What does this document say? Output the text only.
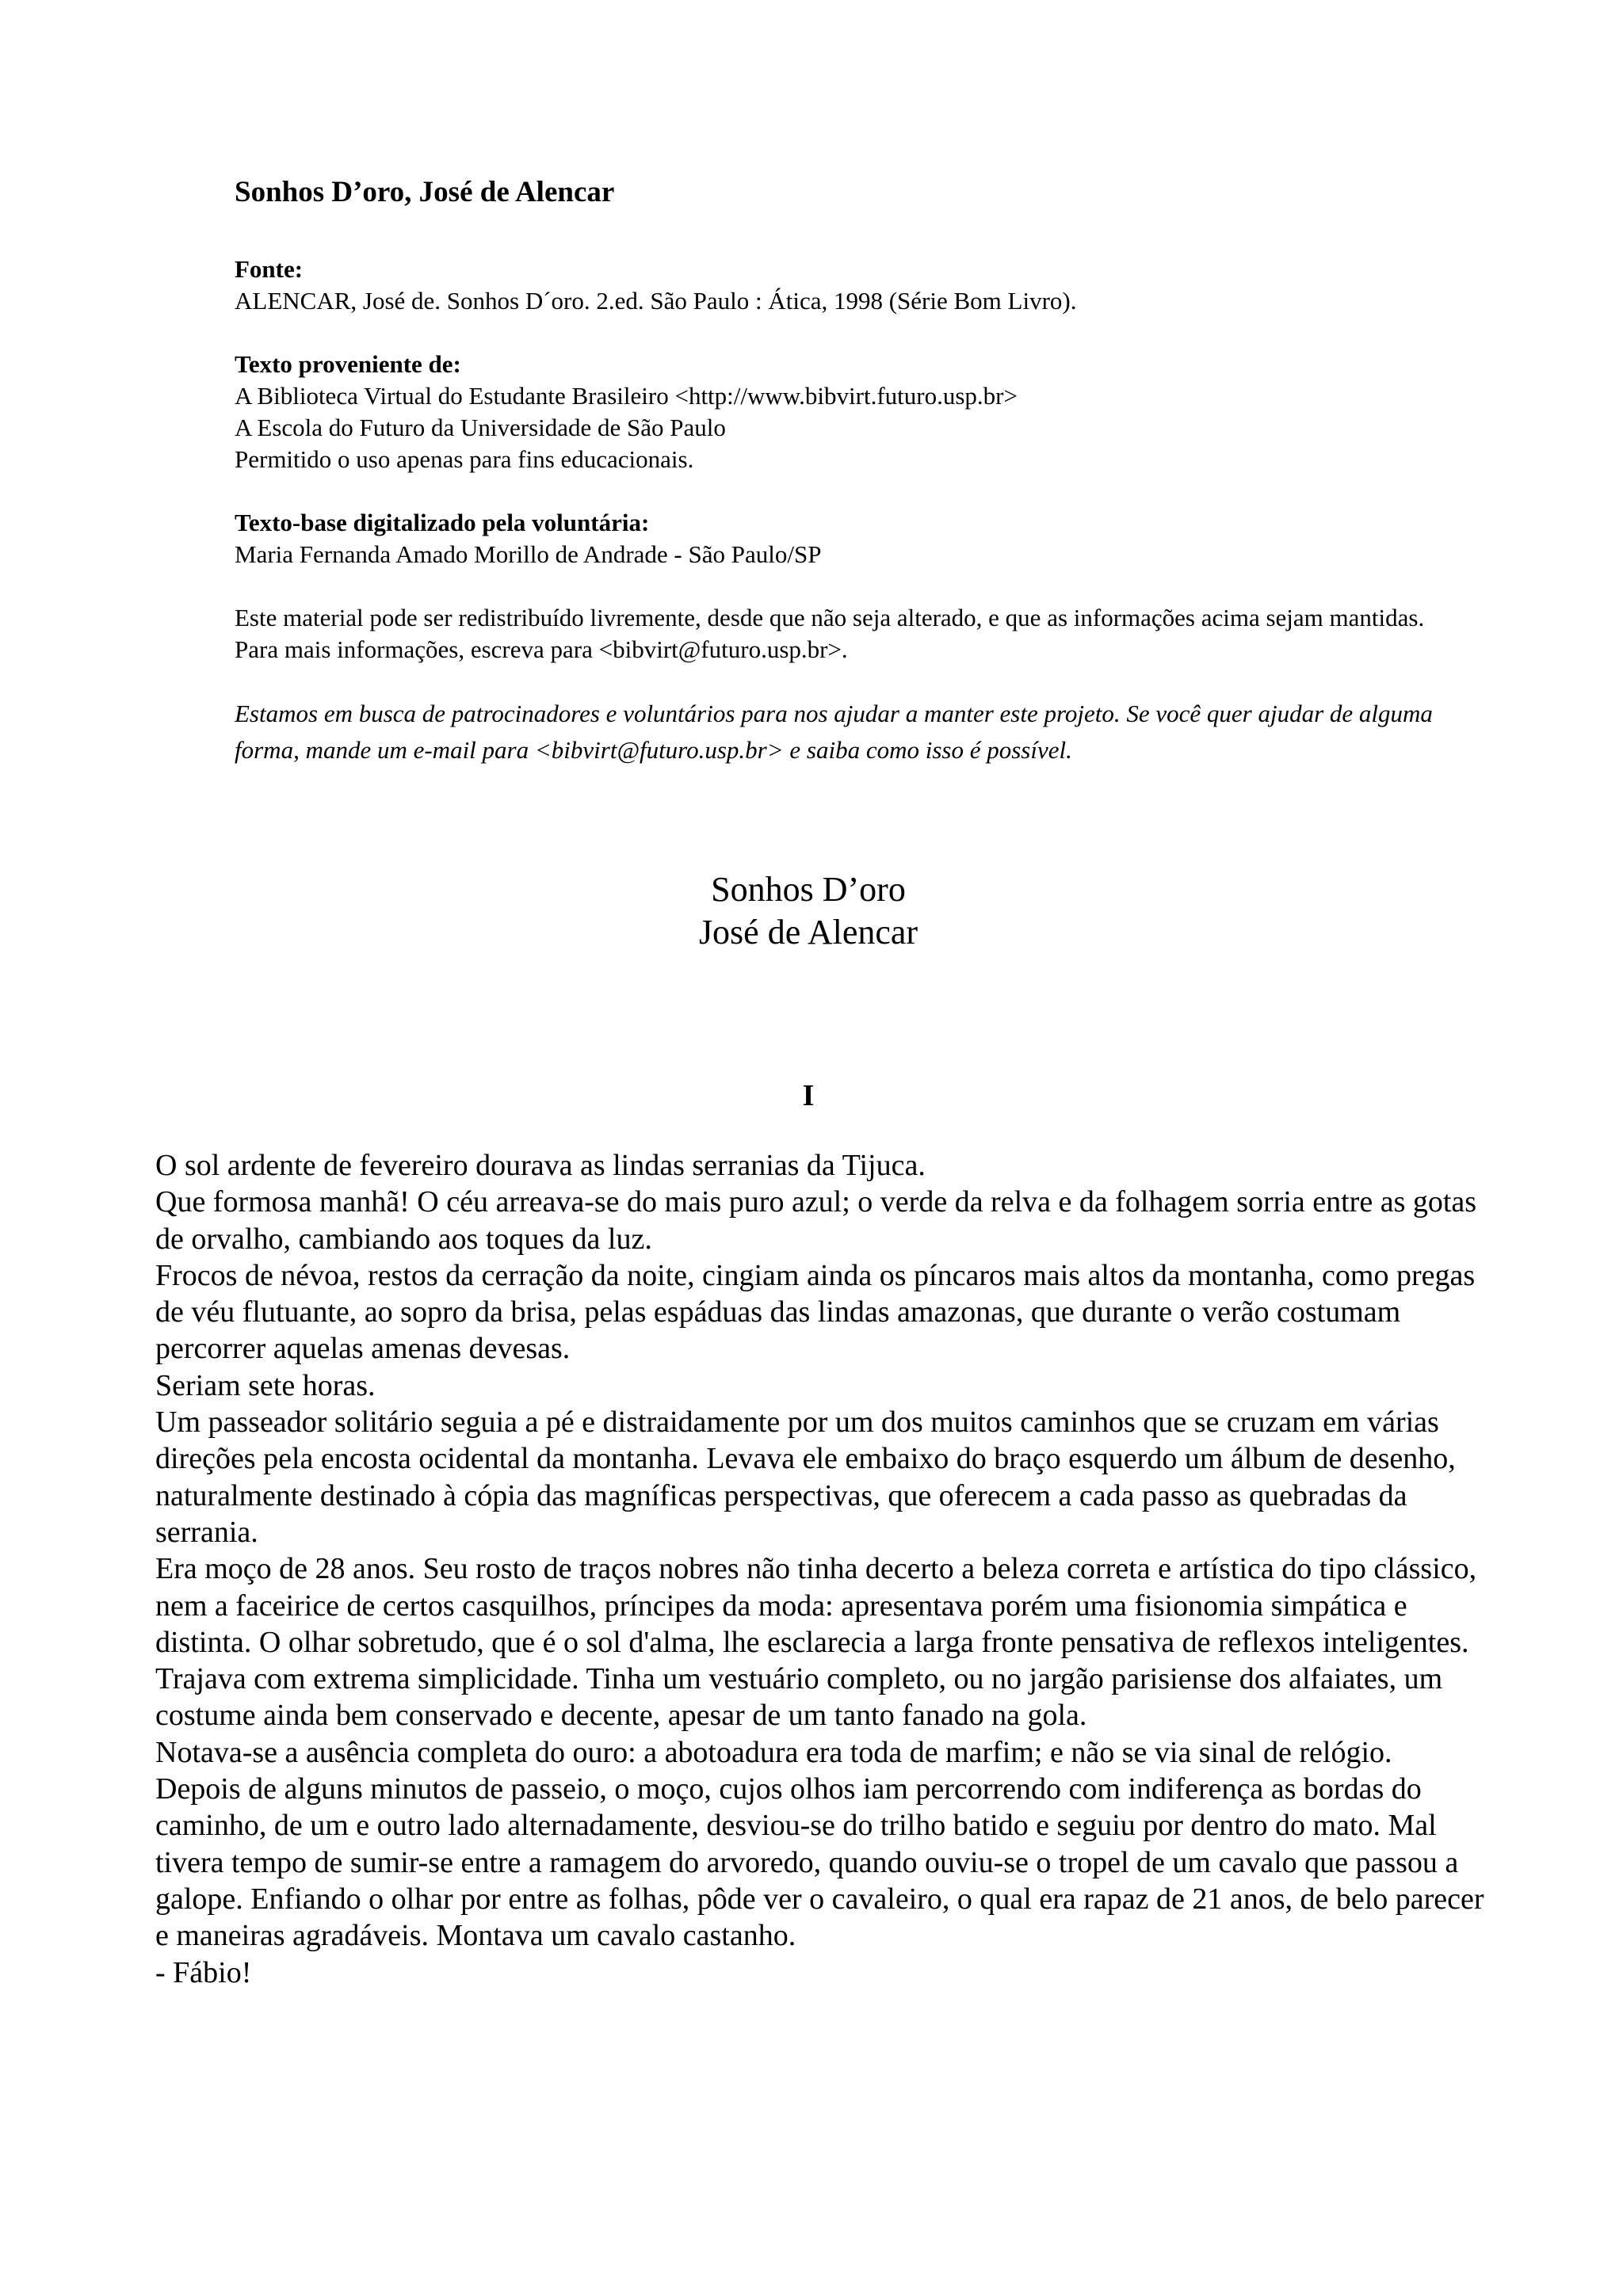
Sonhos D’oro, José de Alencar
Fonte:
ALENCAR, José de. Sonhos D´oro. 2.ed. São Paulo : Ática, 1998 (Série Bom Livro).
Texto proveniente de:
A Biblioteca Virtual do Estudante Brasileiro <http://www.bibvirt.futuro.usp.br>
A Escola do Futuro da Universidade de São Paulo
Permitido o uso apenas para fins educacionais.
Texto-base digitalizado pela voluntária:
Maria Fernanda Amado Morillo de Andrade - São Paulo/SP

Este material pode ser redistribuído livremente, desde que não seja alterado, e que as informações acima sejam mantidas. Para mais informações, escreva para <bibvirt@futuro.usp.br>.

Estamos em busca de patrocinadores e voluntários para nos ajudar a manter este projeto. Se você quer ajudar de alguma forma, mande um e-mail para <bibvirt@futuro.usp.br> e saiba como isso é possível.

Sonhos D’oro
José de Alencar
I

O sol ardente de fevereiro dourava as lindas serranias da Tijuca.

Que formosa manhã! O céu arreava-se do mais puro azul; o verde da relva e da folhagem sorria entre as gotas de orvalho, cambiando aos toques da luz.

Frocos de névoa, restos da cerração da noite, cingiam ainda os píncaros mais altos da montanha, como pregas de véu flutuante, ao sopro da brisa, pelas espáduas das lindas amazonas, que durante o verão costumam percorrer aquelas amenas devesas.

Seriam sete horas.

Um passeador solitário seguia a pé e distraidamente por um dos muitos caminhos que se cruzam em várias direções pela encosta ocidental da montanha. Levava ele embaixo do braço esquerdo um álbum de desenho, naturalmente destinado à cópia das magníficas perspectivas, que oferecem a cada passo as quebradas da serrania.

Era moço de 28 anos. Seu rosto de traços nobres não tinha decerto a beleza correta e artística do tipo clássico, nem a faceirice de certos casquilhos, príncipes da moda: apresentava porém uma fisionomia simpática e distinta. O olhar sobretudo, que é o sol d'alma, lhe esclarecia a larga fronte pensativa de reflexos inteligentes.

Trajava com extrema simplicidade. Tinha um vestuário completo, ou no jargão parisiense dos alfaiates, um costume ainda bem conservado e decente, apesar de um tanto fanado na gola.

Notava-se a ausência completa do ouro: a abotoadura era toda de marfim; e não se via sinal de relógio.

Depois de alguns minutos de passeio, o moço, cujos olhos iam percorrendo com indiferença as bordas do caminho, de um e outro lado alternadamente, desviou-se do trilho batido e seguiu por dentro do mato. Mal tivera tempo de sumir-se entre a ramagem do arvoredo, quando ouviu-se o tropel de um cavalo que passou a galope. Enfiando o olhar por entre as folhas, pôde ver o cavaleiro, o qual era rapaz de 21 anos, de belo parecer e maneiras agradáveis. Montava um cavalo castanho.

- Fábio!
